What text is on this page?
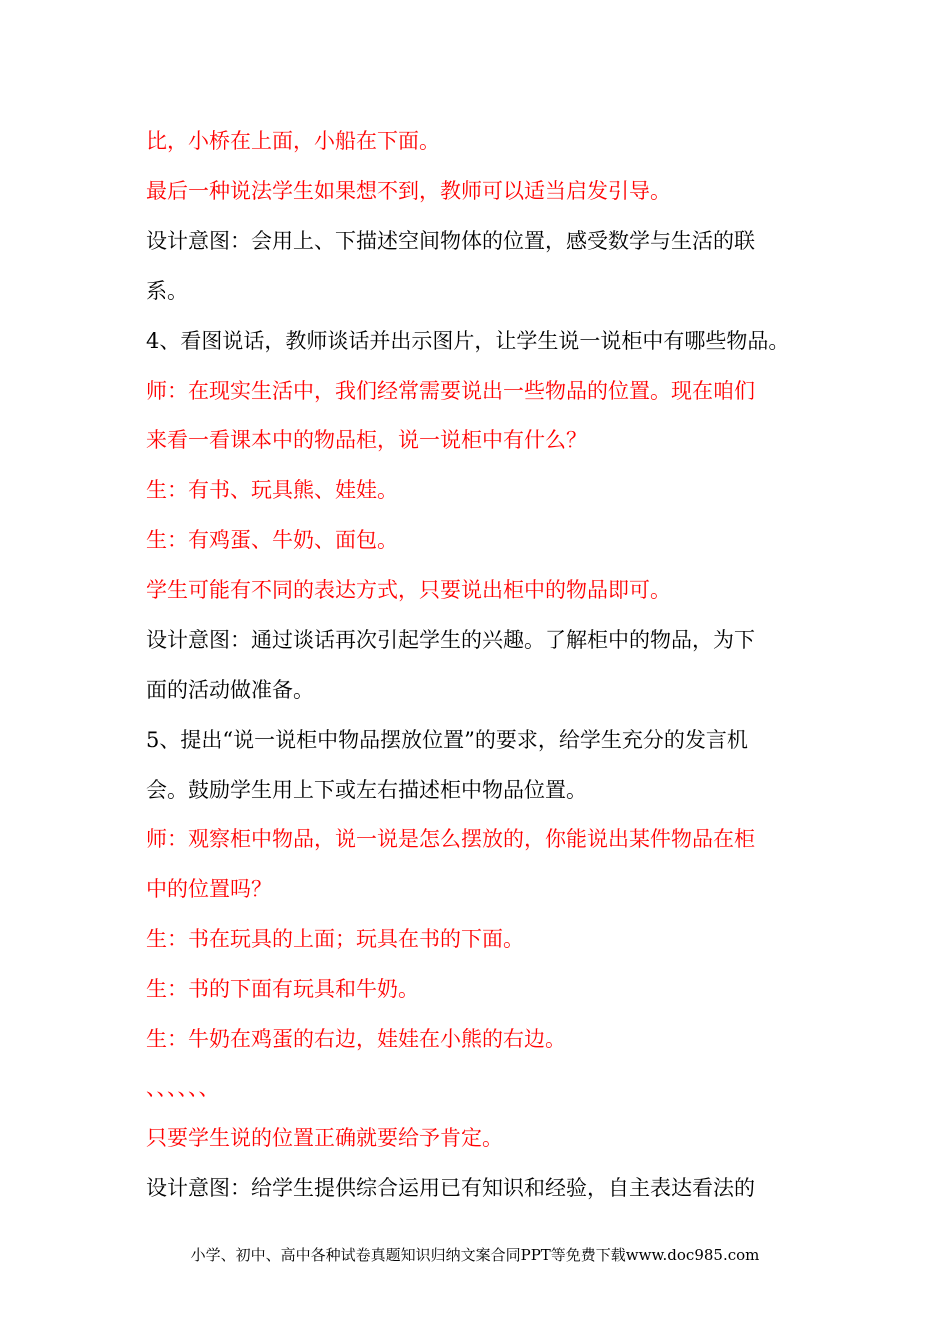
比，小桥在上面，小船在下面。
最后一种说法学生如果想不到，教师可以适当启发引导。
设计意图：会用上、下描述空间物体的位置，感受数学与生活的联
系。
4、看图说话，教师谈话并出示图片，让学生说一说柜中有哪些物品。
师：在现实生活中，我们经常需要说出一些物品的位置。现在咱们
来看一看课本中的物品柜，说一说柜中有什么？
生：有书、玩具熊、娃娃。
生：有鸡蛋、牛奶、面包。
学生可能有不同的表达方式，只要说出柜中的物品即可。
设计意图：通过谈话再次引起学生的兴趣。了解柜中的物品，为下
面的活动做准备。
5、提出“说一说柜中物品摆放位置”的要求，给学生充分的发言机
会。鼓励学生用上下或左右描述柜中物品位置。
师：观察柜中物品，说一说是怎么摆放的，你能说出某件物品在柜
中的位置吗？
生：书在玩具的上面；玩具在书的下面。
生：书的下面有玩具和牛奶。
生：牛奶在鸡蛋的右边，娃娃在小熊的右边。
、、、、、、
只要学生说的位置正确就要给予肯定。
设计意图：给学生提供综合运用已有知识和经验，自主表达看法的
小学、初中、高中各种试卷真题知识归纳文案合同PPT等免费下载www.doc985.com
